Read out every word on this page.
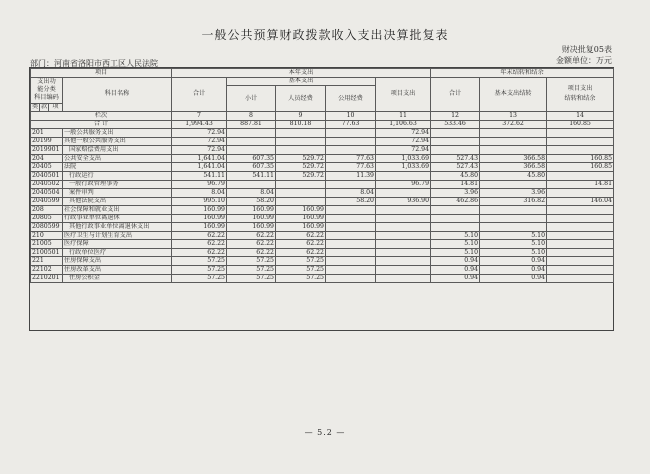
一般公共预算财政拨款收入支出决算批复表
财决批复05表
金额单位：万元
部门：河南省洛阳市西工区人民法院
项目				本年支出					年末结转和结余		
支出功
能分类
科目编码			科目名称	合计	基本支出			项目支出	合计	基本支出结转	项目支出
结转和结余
					小计	人员经费	公用经费				

类	款	项									
栏次				7	8	9	10	11	12	13	14
合 计				1,994.43	887.81	810.18	77.63	1,106.63	533.46	372.62	160.85
201			一般公共服务支出	72.94				72.94			
20199			其他一般公共服务支出	72.94				72.94			
2019901			国家赔偿费用支出	72.94				72.94			
204			公共安全支出	1,641.04	607.35	529.72	77.63	1,033.69	527.43	366.58	160.85
20405			法院	1,641.04	607.35	529.72	77.63	1,033.69	527.43	366.58	160.85
2040501			行政运行	541.11	541.11	529.72	11.39		45.80	45.80	
2040502			一般行政管理事务	96.79				96.79	14.81		14.81
2040504			案件审判	8.04	8.04		8.04		3.96	3.96	
2040599			其他法院支出	995.10	58.20		58.20	936.90	462.86	316.82	146.04
208			社会保障和就业支出	160.99	160.99	160.99					
20805			行政事业单位离退休	160.99	160.99	160.99					
2080599			其他行政事业单位离退休支出	160.99	160.99	160.99					
210			医疗卫生与计划生育支出	62.22	62.22	62.22			5.10	5.10	
21005			医疗保障	62.22	62.22	62.22			5.10	5.10	
2100501			行政单位医疗	62.22	62.22	62.22			5.10	5.10	
221			住房保障支出	57.25	57.25	57.25			0.94	0.94	
22102			住房改革支出	57.25	57.25	57.25			0.94	0.94	
2210201			住房公积金	57.25	57.25	57.25			0.94	0.94	
— 5.2 —
